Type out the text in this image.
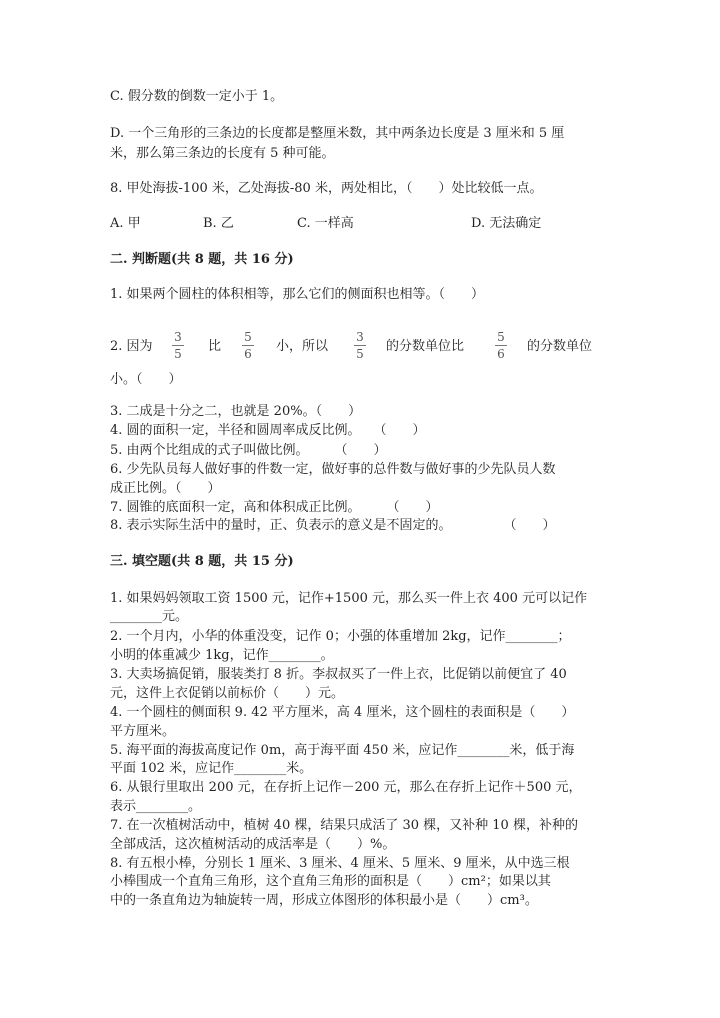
C. 假分数的倒数一定小于 1。
D. 一个三角形的三条边的长度都是整厘米数，其中两条边长度是 3 厘米和 5 厘
米，那么第三条边的长度有 5 种可能。
8. 甲处海拔-100 米，乙处海拔-80 米，两处相比，（　　）处比较低一点。
A. 甲	B. 乙	C. 一样高	D. 无法确定
二. 判断题(共 8 题，共 16 分)
1. 如果两个圆柱的体积相等，那么它们的侧面积也相等。（　　）
2. 因为
3
5 比
5
6 小，所以
3
5 的分数单位比
5
6 的分数单位
小。（　　）
3. 二成是十分之二，也就是 20%。（　　）
4. 圆的面积一定，半径和圆周率成反比例。　　（　　）
5. 由两个比组成的式子叫做比例。　　　（　　）
6. 少先队员每人做好事的件数一定，做好事的总件数与做好事的少先队员人数
成正比例。（　　）
7. 圆锥的底面积一定，高和体积成正比例。　　　（　　）
8. 表示实际生活中的量时，正、负表示的意义是不固定的。　　　　　（　　）
三. 填空题(共 8 题，共 15 分)
1. 如果妈妈领取工资 1500 元，记作+1500 元，那么买一件上衣 400 元可以记作
________元。
2. 一个月内，小华的体重没变，记作 0；小强的体重增加 2kg，记作________；
小明的体重减少 1kg，记作________。
3. 大卖场搞促销，服装类打 8 折。李叔叔买了一件上衣，比促销以前便宜了 40
元，这件上衣促销以前标价（　　）元。
4. 一个圆柱的侧面积 9. 42 平方厘米，高 4 厘米，这个圆柱的表面积是（　　）
平方厘米。
5. 海平面的海拔高度记作 0m，高于海平面 450 米，应记作________米，低于海
平面 102 米，应记作________米。
6. 从银行里取出 200 元，在存折上记作－200 元，那么在存折上记作＋500 元，
表示________。
7. 在一次植树活动中，植树 40 棵，结果只成活了 30 棵，又补种 10 棵，补种的
全部成活，这次植树活动的成活率是（　　）%。
8. 有五根小棒，分别长 1 厘米、3 厘米、4 厘米、5 厘米、9 厘米，从中选三根
小棒围成一个直角三角形，这个直角三角形的面积是（　　）cm²；如果以其
中的一条直角边为轴旋转一周，形成立体图形的体积最小是（　　）cm³。
